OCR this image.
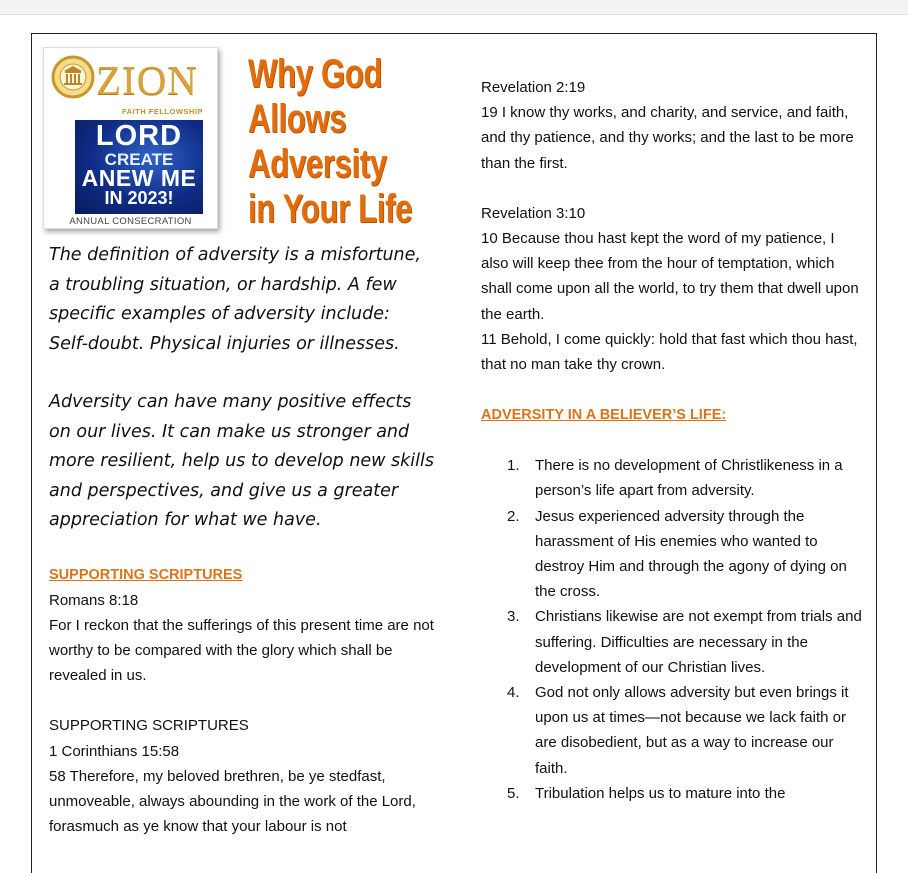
ZION
FAITH FELLOWSHIP
LORD
CREATE
ANEW ME
IN 2023!
ANNUAL CONSECRATION
Why God
Allows
Adversity
in Your Life

The definition of adversity is a misfortune, a troubling situation, or hardship. A few specific examples of adversity include: Self-doubt. Physical injuries or illnesses.

Adversity can have many positive effects on our lives. It can make us stronger and more resilient, help us to develop new skills and perspectives, and give us a greater appreciation for what we have.

SUPPORTING SCRIPTURES

Romans 8:18

For I reckon that the sufferings of this present time are not worthy to be compared with the glory which shall be revealed in us.

SUPPORTING SCRIPTURES

1 Corinthians 15:58

58 Therefore, my beloved brethren, be ye stedfast, unmoveable, always abounding in the work of the Lord, forasmuch as ye know that your labour is not

Revelation 2:19

19 I know thy works, and charity, and service, and faith, and thy patience, and thy works; and the last to be more than the first.

Revelation 3:10

10 Because thou hast kept the word of my patience, I also will keep thee from the hour of temptation, which shall come upon all the world, to try them that dwell upon the earth.

11 Behold, I come quickly: hold that fast which thou hast, that no man take thy crown.

ADVERSITY IN A BELIEVER’S LIFE:

1. There is no development of Christlikeness in a person’s life apart from adversity.
2. Jesus experienced adversity through the harassment of His enemies who wanted to destroy Him and through the agony of dying on the cross.
3. Christians likewise are not exempt from trials and suffering. Difficulties are necessary in the development of our Christian lives.
4. God not only allows adversity but even brings it upon us at times—not because we lack faith or are disobedient, but as a way to increase our faith.
5. Tribulation helps us to mature into the
